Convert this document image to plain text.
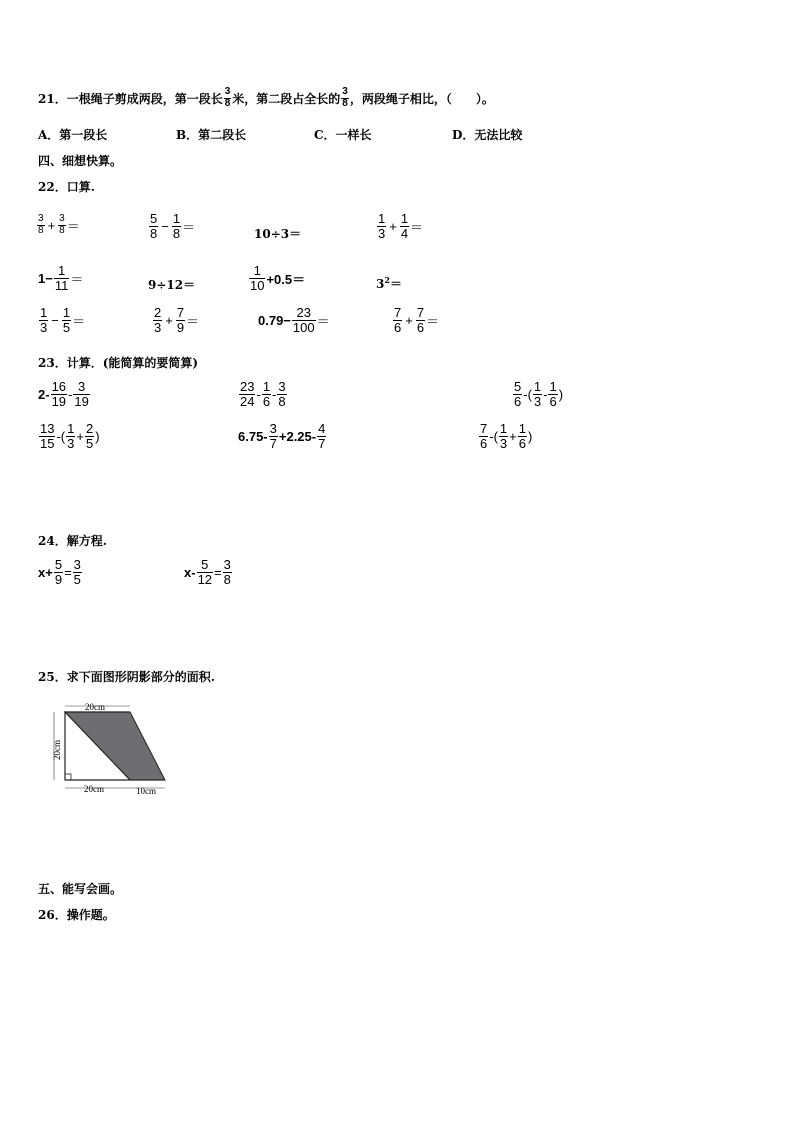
21． 一根绳子剪成两段，第一段长 $\frac{3}{8}$ 米，第二段占全长的 $\frac{3}{8}$ ，两段绳子相比，（　　）。
A．第一段长	B．第二段长	C．一样长	D．无法比较
四、细想快算。
22．口算.
$\frac{3}{8} + \frac{3}{8}$ ＝	$\frac{5}{8} - \frac{1}{8}$ ＝	10÷3＝	$\frac{1}{3} + \frac{1}{4}$ ＝
$1- \frac{1}{11}$ ＝	9÷12＝	$\frac{1}{10} +0.5=$	$3^2=$
$\frac{1}{3} - \frac{1}{5}$ ＝	$\frac{2}{3} + \frac{7}{9}$ ＝	$0.79- \frac{23}{100}$ ＝	$\frac{7}{6} + \frac{7}{6}$ ＝
23．计算．(能简算的要简算)
$2- \frac{16}{19} - \frac{3}{19}$	$\frac{23}{24} - \frac{1}{6} - \frac{3}{8}$	$\frac{5}{6}$ -( $\frac{1}{3} - \frac{1}{6}$ )
$\frac{13}{15}$ -( $\frac{1}{3} + \frac{2}{5}$ )	$6.75- \frac{3}{7} +2.25- \frac{4}{7}$	$\frac{7}{6}$ -( $\frac{1}{3} + \frac{1}{6}$ )
24．解方程.
$x+ \frac{5}{9} = \frac{3}{5}$	$x- \frac{5}{12} = \frac{3}{8}$
25．求下面图形阴影部分的面积.
20cm
20cm
20cm	10cm
五、能写会画。
26．操作题。
